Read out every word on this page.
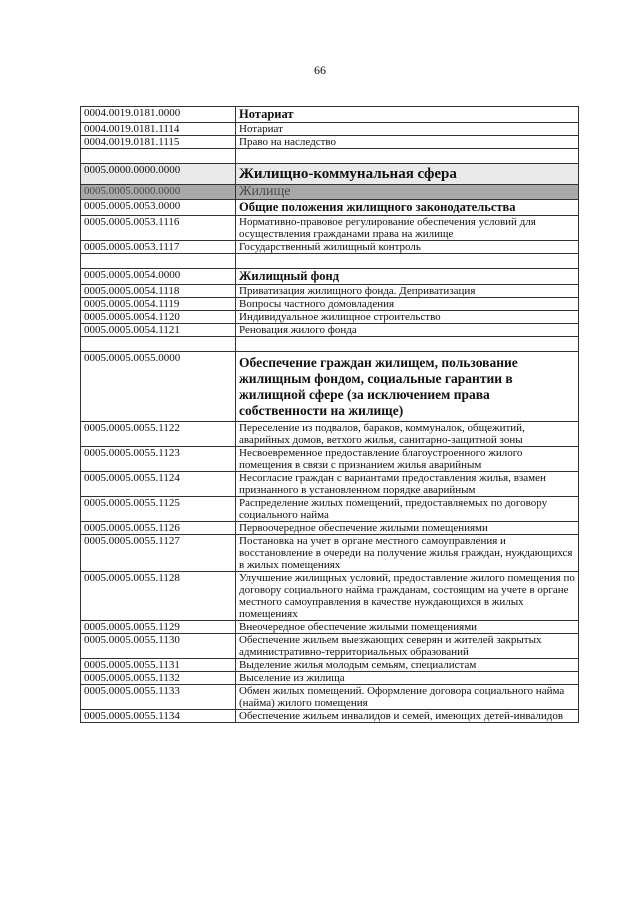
66
0004.0019.0181.0000	Нотариат
0004.0019.0181.1114	Нотариат
0004.0019.0181.1115	Право на наследство

0005.0000.0000.0000	Жилищно-коммунальная сфера
0005.0005.0000.0000	Жилище
0005.0005.0053.0000	Общие положения жилищного законодательства
0005.0005.0053.1116	Нормативно-правовое регулирование обеспечения условий для осуществления гражданами права на жилище
0005.0005.0053.1117	Государственный жилищный контроль

0005.0005.0054.0000	Жилищный фонд
0005.0005.0054.1118	Приватизация жилищного фонда. Деприватизация
0005.0005.0054.1119	Вопросы частного домовладения
0005.0005.0054.1120	Индивидуальное жилищное строительство
0005.0005.0054.1121	Реновация жилого фонда

0005.0005.0055.0000	Обеспечение граждан жилищем, пользование жилищным фондом, социальные гарантии в жилищной сфере (за исключением права собственности на жилище)
0005.0005.0055.1122	Переселение из подвалов, бараков, коммуналок, общежитий, аварийных домов, ветхого жилья, санитарно-защитной зоны
0005.0005.0055.1123	Несвоевременное предоставление благоустроенного жилого помещения в связи с признанием жилья аварийным
0005.0005.0055.1124	Несогласие граждан с вариантами предоставления жилья, взамен признанного в установленном порядке аварийным
0005.0005.0055.1125	Распределение жилых помещений, предоставляемых по договору социального найма
0005.0005.0055.1126	Первоочередное обеспечение жилыми помещениями
0005.0005.0055.1127	Постановка на учет в органе местного самоуправления и восстановление в очереди на получение жилья граждан, нуждающихся в жилых помещениях
0005.0005.0055.1128	Улучшение жилищных условий, предоставление жилого помещения по договору социального найма гражданам, состоящим на учете в органе местного самоуправления в качестве нуждающихся в жилых помещениях
0005.0005.0055.1129	Внеочередное обеспечение жилыми помещениями
0005.0005.0055.1130	Обеспечение жильем выезжающих северян и жителей закрытых административно-территориальных образований
0005.0005.0055.1131	Выделение жилья молодым семьям, специалистам
0005.0005.0055.1132	Выселение из жилища
0005.0005.0055.1133	Обмен жилых помещений. Оформление договора социального найма (найма) жилого помещения
0005.0005.0055.1134	Обеспечение жильем инвалидов и семей, имеющих детей-инвалидов
